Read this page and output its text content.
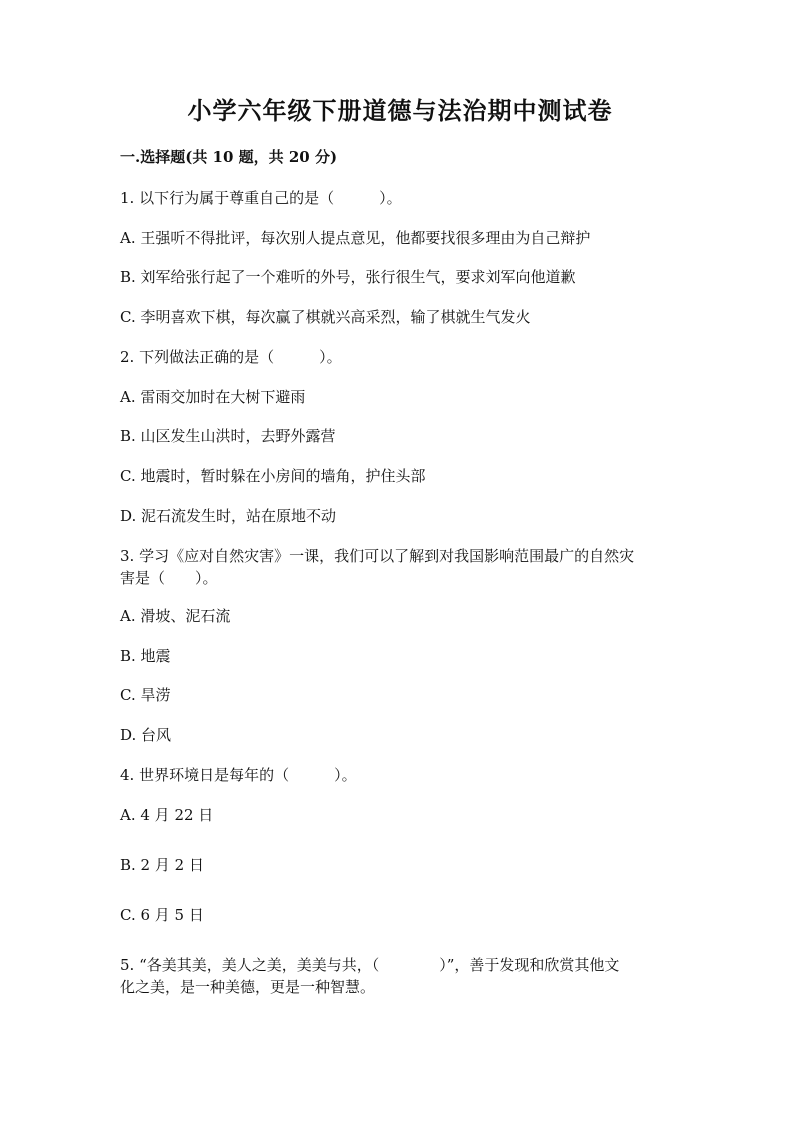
小学六年级下册道德与法治期中测试卷
一.选择题(共 10 题，共 20 分)
1. 以下行为属于尊重自己的是（　　　）。
A. 王强听不得批评，每次别人提点意见，他都要找很多理由为自己辩护
B. 刘军给张行起了一个难听的外号，张行很生气，要求刘军向他道歉
C. 李明喜欢下棋，每次赢了棋就兴高采烈，输了棋就生气发火
2. 下列做法正确的是（　　　）。
A. 雷雨交加时在大树下避雨
B. 山区发生山洪时，去野外露营
C. 地震时，暂时躲在小房间的墙角，护住头部
D. 泥石流发生时，站在原地不动
3. 学习《应对自然灾害》一课，我们可以了解到对我国影响范围最广的自然灾
害是（　　）。
A. 滑坡、泥石流
B. 地震
C. 旱涝
D. 台风
4. 世界环境日是每年的（　　　）。
A. 4 月 22 日
B. 2 月 2 日
C. 6 月 5 日
5. “各美其美，美人之美，美美与共，（　　　　）”，善于发现和欣赏其他文
化之美，是一种美德，更是一种智慧。
